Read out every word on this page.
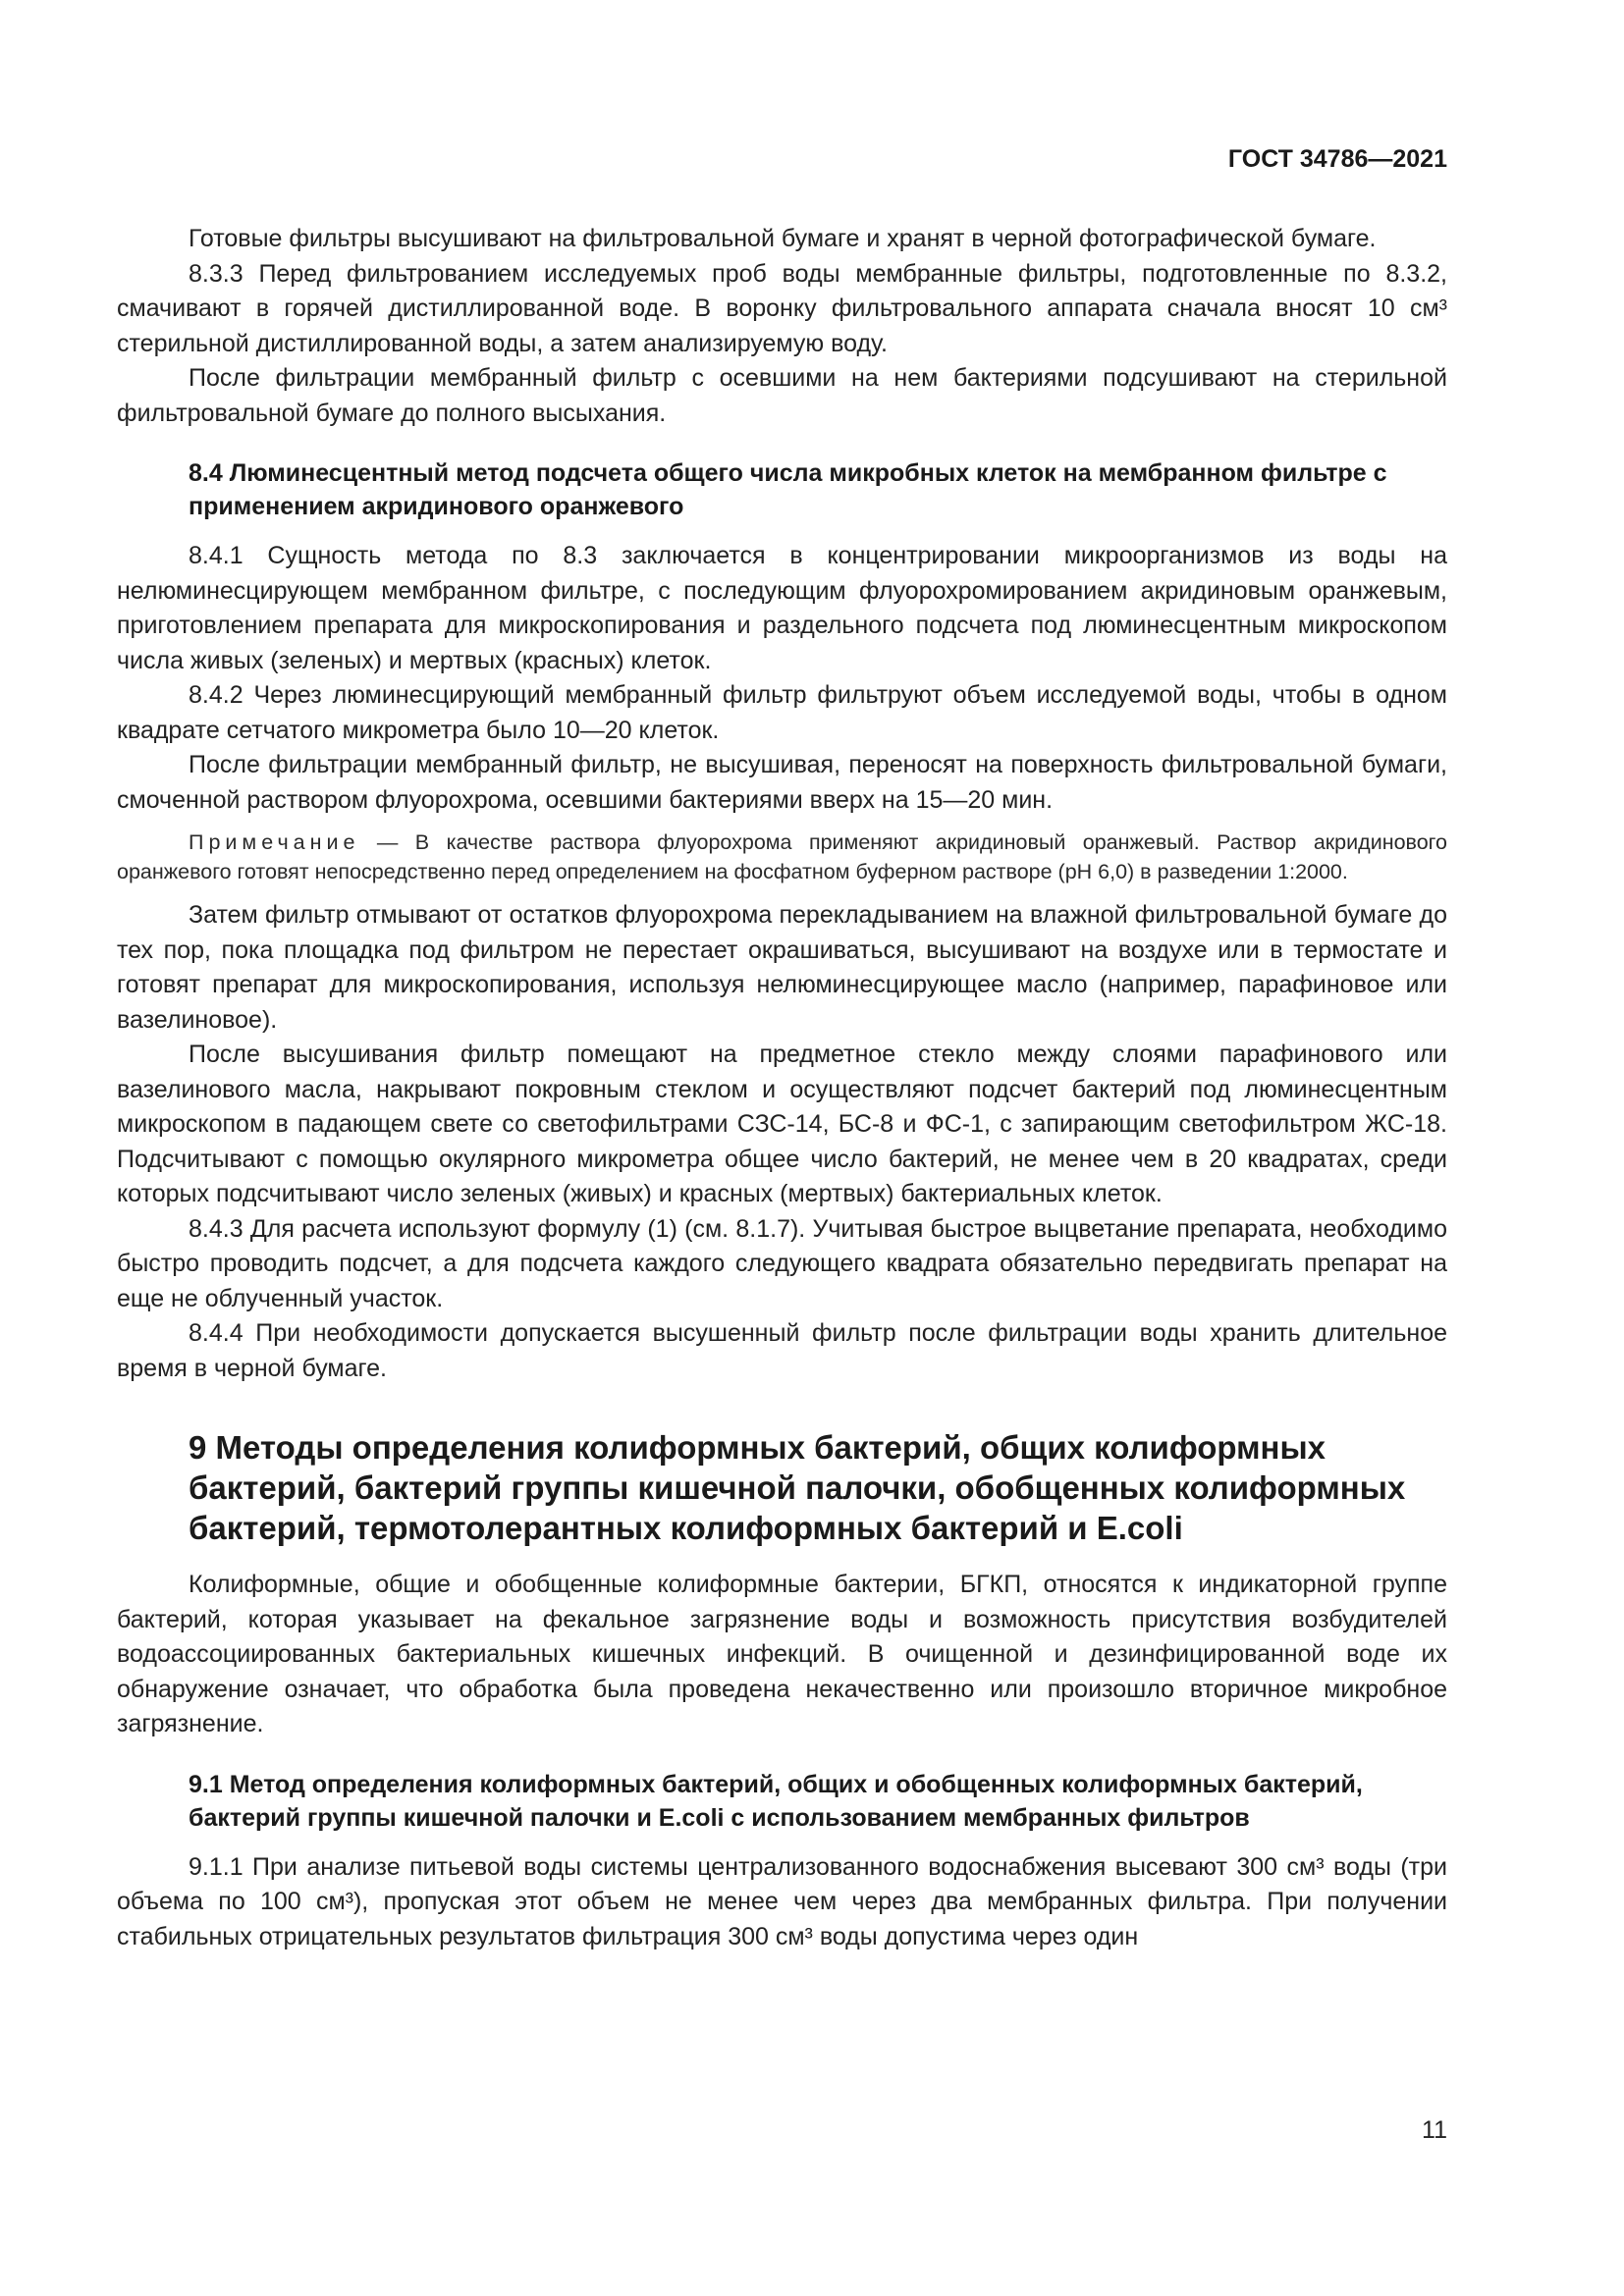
ГОСТ 34786—2021

Готовые фильтры высушивают на фильтровальной бумаге и хранят в черной фотографической бумаге.

8.3.3 Перед фильтрованием исследуемых проб воды мембранные фильтры, подготовленные по 8.3.2, смачивают в горячей дистиллированной воде. В воронку фильтровального аппарата сначала вносят 10 см³ стерильной дистиллированной воды, а затем анализируемую воду.

После фильтрации мембранный фильтр с осевшими на нем бактериями подсушивают на стерильной фильтровальной бумаге до полного высыхания.

8.4 Люминесцентный метод подсчета общего числа микробных клеток на мембранном фильтре с применением акридинового оранжевого

8.4.1 Сущность метода по 8.3 заключается в концентрировании микроорганизмов из воды на нелюминесцирующем мембранном фильтре, с последующим флуорохромированием акридиновым оранжевым, приготовлением препарата для микроскопирования и раздельного подсчета под люминесцентным микроскопом числа живых (зеленых) и мертвых (красных) клеток.

8.4.2 Через люминесцирующий мембранный фильтр фильтруют объем исследуемой воды, чтобы в одном квадрате сетчатого микрометра было 10—20 клеток.

После фильтрации мембранный фильтр, не высушивая, переносят на поверхность фильтровальной бумаги, смоченной раствором флуорохрома, осевшими бактериями вверх на 15—20 мин.

Примечание — В качестве раствора флуорохрома применяют акридиновый оранжевый. Раствор акридинового оранжевого готовят непосредственно перед определением на фосфатном буферном растворе (pH 6,0) в разведении 1:2000.

Затем фильтр отмывают от остатков флуорохрома перекладыванием на влажной фильтровальной бумаге до тех пор, пока площадка под фильтром не перестает окрашиваться, высушивают на воздухе или в термостате и готовят препарат для микроскопирования, используя нелюминесцирующее масло (например, парафиновое или вазелиновое).

После высушивания фильтр помещают на предметное стекло между слоями парафинового или вазелинового масла, накрывают покровным стеклом и осуществляют подсчет бактерий под люминесцентным микроскопом в падающем свете со светофильтрами СЗС-14, БС-8 и ФС-1, с запирающим светофильтром ЖС-18. Подсчитывают с помощью окулярного микрометра общее число бактерий, не менее чем в 20 квадратах, среди которых подсчитывают число зеленых (живых) и красных (мертвых) бактериальных клеток.

8.4.3 Для расчета используют формулу (1) (см. 8.1.7). Учитывая быстрое выцветание препарата, необходимо быстро проводить подсчет, а для подсчета каждого следующего квадрата обязательно передвигать препарат на еще не облученный участок.

8.4.4 При необходимости допускается высушенный фильтр после фильтрации воды хранить длительное время в черной бумаге.

9 Методы определения колиформных бактерий, общих колиформных бактерий, бактерий группы кишечной палочки, обобщенных колиформных бактерий, термотолерантных колиформных бактерий и E.coli

Колиформные, общие и обобщенные колиформные бактерии, БГКП, относятся к индикаторной группе бактерий, которая указывает на фекальное загрязнение воды и возможность присутствия возбудителей водоассоциированных бактериальных кишечных инфекций. В очищенной и дезинфицированной воде их обнаружение означает, что обработка была проведена некачественно или произошло вторичное микробное загрязнение.

9.1 Метод определения колиформных бактерий, общих и обобщенных колиформных бактерий, бактерий группы кишечной палочки и E.coli с использованием мембранных фильтров

9.1.1 При анализе питьевой воды системы централизованного водоснабжения высевают 300 см³ воды (три объема по 100 см³), пропуская этот объем не менее чем через два мембранных фильтра. При получении стабильных отрицательных результатов фильтрация 300 см³ воды допустима через один

11
